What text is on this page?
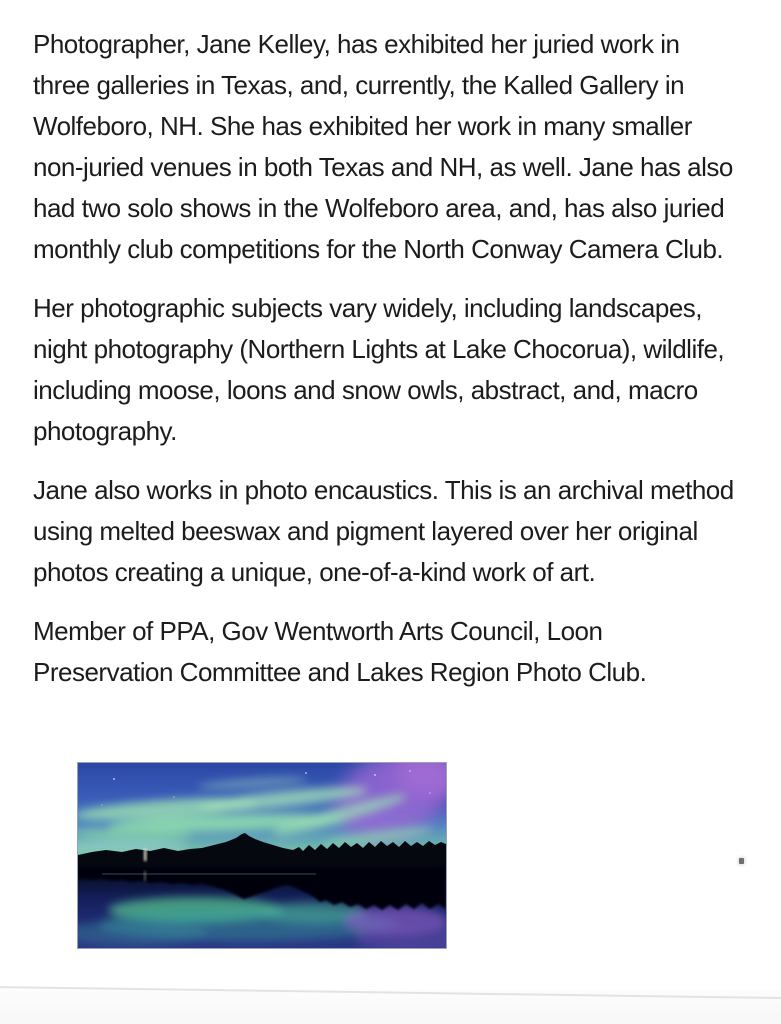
Photographer, Jane Kelley, has exhibited her juried work in
three galleries in Texas, and, currently, the Kalled Gallery in
Wolfeboro, NH. She has exhibited her work in many smaller
non-juried venues in both Texas and NH, as well. Jane has also
had two solo shows in the Wolfeboro area, and, has also juried
monthly club competitions for the North Conway Camera Club.

Her photographic subjects vary widely, including landscapes,
night photography (Northern Lights at Lake Chocorua), wildlife,
including moose, loons and snow owls, abstract, and, macro
photography.

Jane also works in photo encaustics. This is an archival method
using melted beeswax and pigment layered over her original
photos creating a unique, one-of-a-kind work of art.

Member of PPA, Gov Wentworth Arts Council, Loon
Preservation Committee and Lakes Region Photo Club.
